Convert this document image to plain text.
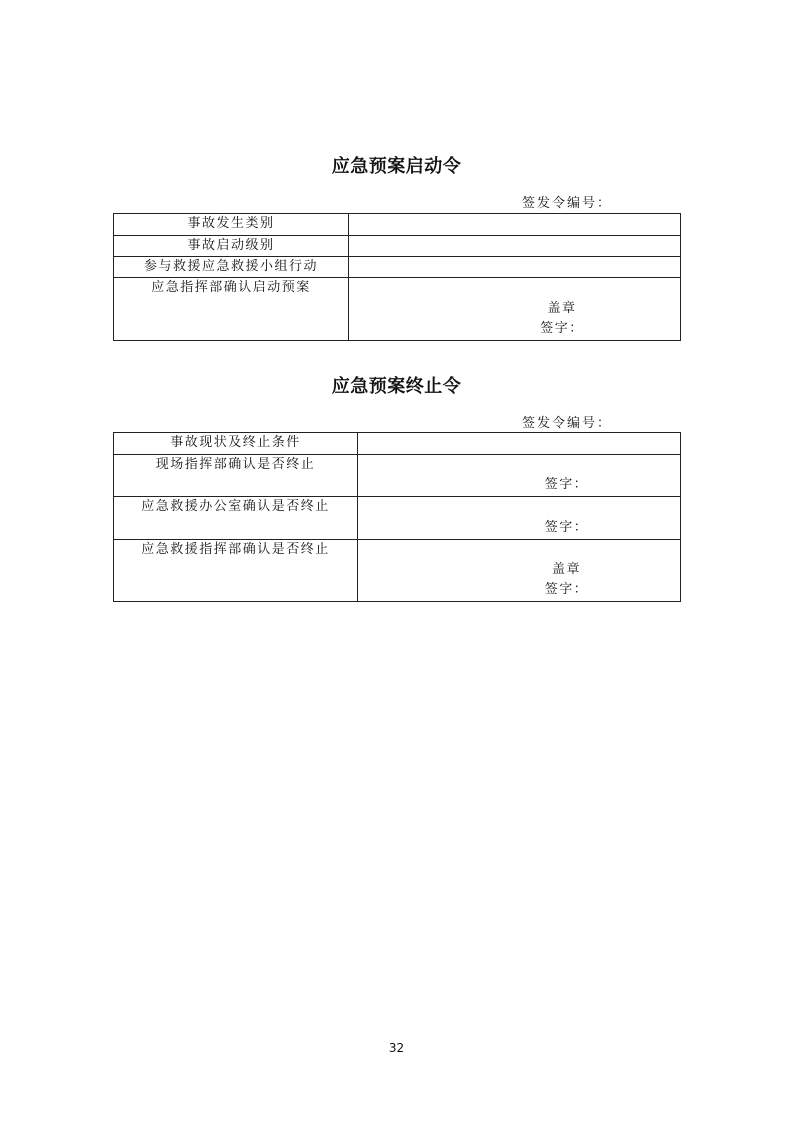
应急预案启动令
签发令编号：
事故发生类别	
事故启动级别	
参与救援应急救援小组行动	
应急指挥部确认启动预案	盖章
签字：
应急预案终止令
签发令编号：
事故现状及终止条件	
现场指挥部确认是否终止	签字：

应急救援办公室确认是否终止	签字：

应急救援指挥部确认是否终止	盖章
签字：
32
